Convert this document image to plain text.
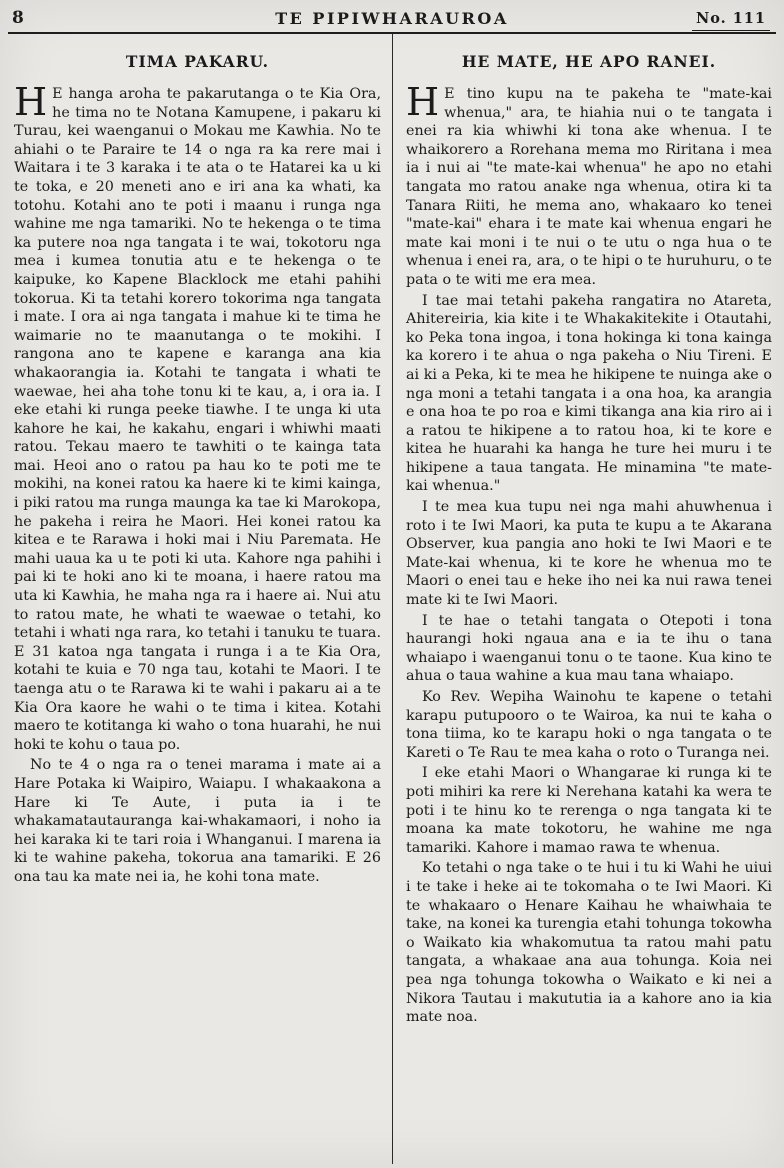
8	TE PIPIWHARAUROA	No. 111
TIMA PAKARU.

H E hanga aroha te pakarutanga o te Kia Ora, he tima no te Notana Kamupene, i pakaru ki Turau, kei waenganui o Mokau me Kawhia. No te ahiahi o te Paraire te 14 o nga ra ka rere mai i Waitara i te 3 karaka i te ata o te Hatarei ka u ki te toka, e 20 meneti ano e iri ana ka whati, ka totohu. Kotahi ano te poti i maanu i runga nga wahine me nga tamariki. No te hekenga o te tima ka putere noa nga tangata i te wai, tokotoru nga mea i kumea tonutia atu e te hekenga o te kaipuke, ko Kapene Blacklock me etahi pahihi tokorua. Ki ta tetahi korero tokorima nga tangata i mate. I ora ai nga tangata i mahue ki te tima he waimarie no te maanutanga o te mokihi. I rangona ano te kapene e karanga ana kia whakaorangia ia. Kotahi te tangata i whati te waewae, hei aha tohe tonu ki te kau, a, i ora ia. I eke etahi ki runga peeke tiawhe. I te unga ki uta kahore he kai, he kakahu, engari i whiwhi maati ratou. Tekau maero te tawhiti o te kainga tata mai. Heoi ano o ratou pa hau ko te poti me te mokihi, na konei ratou ka haere ki te kimi kainga, i piki ratou ma runga maunga ka tae ki Marokopa, he pakeha i reira he Maori. Hei konei ratou ka kitea e te Rarawa i hoki mai i Niu Paremata. He mahi uaua ka u te poti ki uta. Kahore nga pahihi i pai ki te hoki ano ki te moana, i haere ratou ma uta ki Kawhia, he maha nga ra i haere ai. Nui atu to ratou mate, he whati te waewae o tetahi, ko tetahi i whati nga rara, ko tetahi i tanuku te tuara. E 31 katoa nga tangata i runga i a te Kia Ora, kotahi te kuia e 70 nga tau, kotahi te Maori. I te taenga atu o te Rarawa ki te wahi i pakaru ai a te Kia Ora kaore he wahi o te tima i kitea. Kotahi maero te kotitanga ki waho o tona huarahi, he nui hoki te kohu o taua po.

No te 4 o nga ra o tenei marama i mate ai a Hare Potaka ki Waipiro, Waiapu. I whakaakona a Hare ki Te Aute, i puta ia i te whakamatautauranga kai-whakamaori, i noho ia hei karaka ki te tari roia i Whanganui. I marena ia ki te wahine pakeha, tokorua ana tamariki. E 26 ona tau ka mate nei ia, he kohi tona mate.

HE MATE, HE APO RANEI.

H E tino kupu na te pakeha te "mate-kai whenua," ara, te hiahia nui o te tangata i enei ra kia whiwhi ki tona ake whenua. I te whaikorero a Rorehana mema mo Riritana i mea ia i nui ai "te mate-kai whenua" he apo no etahi tangata mo ratou anake nga whenua, otira ki ta Tanara Riiti, he mema ano, whakaaro ko tenei "mate-kai" ehara i te mate kai whenua engari he mate kai moni i te nui o te utu o nga hua o te whenua i enei ra, ara, o te hipi o te huruhuru, o te pata o te witi me era mea.

I tae mai tetahi pakeha rangatira no Atareta, Ahitereiria, kia kite i te Whakakitekite i Otautahi, ko Peka tona ingoa, i tona hokinga ki tona kainga ka korero i te ahua o nga pakeha o Niu Tireni. E ai ki a Peka, ki te mea he hikipene te nuinga ake o nga moni a tetahi tangata i a ona hoa, ka arangia e ona hoa te po roa e kimi tikanga ana kia riro ai i a ratou te hikipene a to ratou hoa, ki te kore e kitea he huarahi ka hanga he ture hei muru i te hikipene a taua tangata. He minamina "te mate-kai whenua."

I te mea kua tupu nei nga mahi ahuwhenua i roto i te Iwi Maori, ka puta te kupu a te Akarana Observer, kua pangia ano hoki te Iwi Maori e te Mate-kai whenua, ki te kore he whenua mo te Maori o enei tau e heke iho nei ka nui rawa tenei mate ki te Iwi Maori.

I te hae o tetahi tangata o Otepoti i tona haurangi hoki ngaua ana e ia te ihu o tana whaiapo i waenganui tonu o te taone. Kua kino te ahua o taua wahine a kua mau tana whaiapo.

Ko Rev. Wepiha Wainohu te kapene o tetahi karapu putupooro o te Wairoa, ka nui te kaha o tona tiima, ko te karapu hoki o nga tangata o te Kareti o Te Rau te mea kaha o roto o Turanga nei.

I eke etahi Maori o Whangarae ki runga ki te poti mihiri ka rere ki Nerehana katahi ka wera te poti i te hinu ko te rerenga o nga tangata ki te moana ka mate tokotoru, he wahine me nga tamariki. Kahore i mamao rawa te whenua.

Ko tetahi o nga take o te hui i tu ki Wahi he uiui i te take i heke ai te tokomaha o te Iwi Maori. Ki te whakaaro o Henare Kaihau he whaiwhaia te take, na konei ka turengia etahi tohunga tokowha o Waikato kia whakomutua ta ratou mahi patu tangata, a whakaae ana aua tohunga. Koia nei pea nga tohunga tokowha o Waikato e ki nei a Nikora Tautau i makututia ia a kahore ano ia kia mate noa.
